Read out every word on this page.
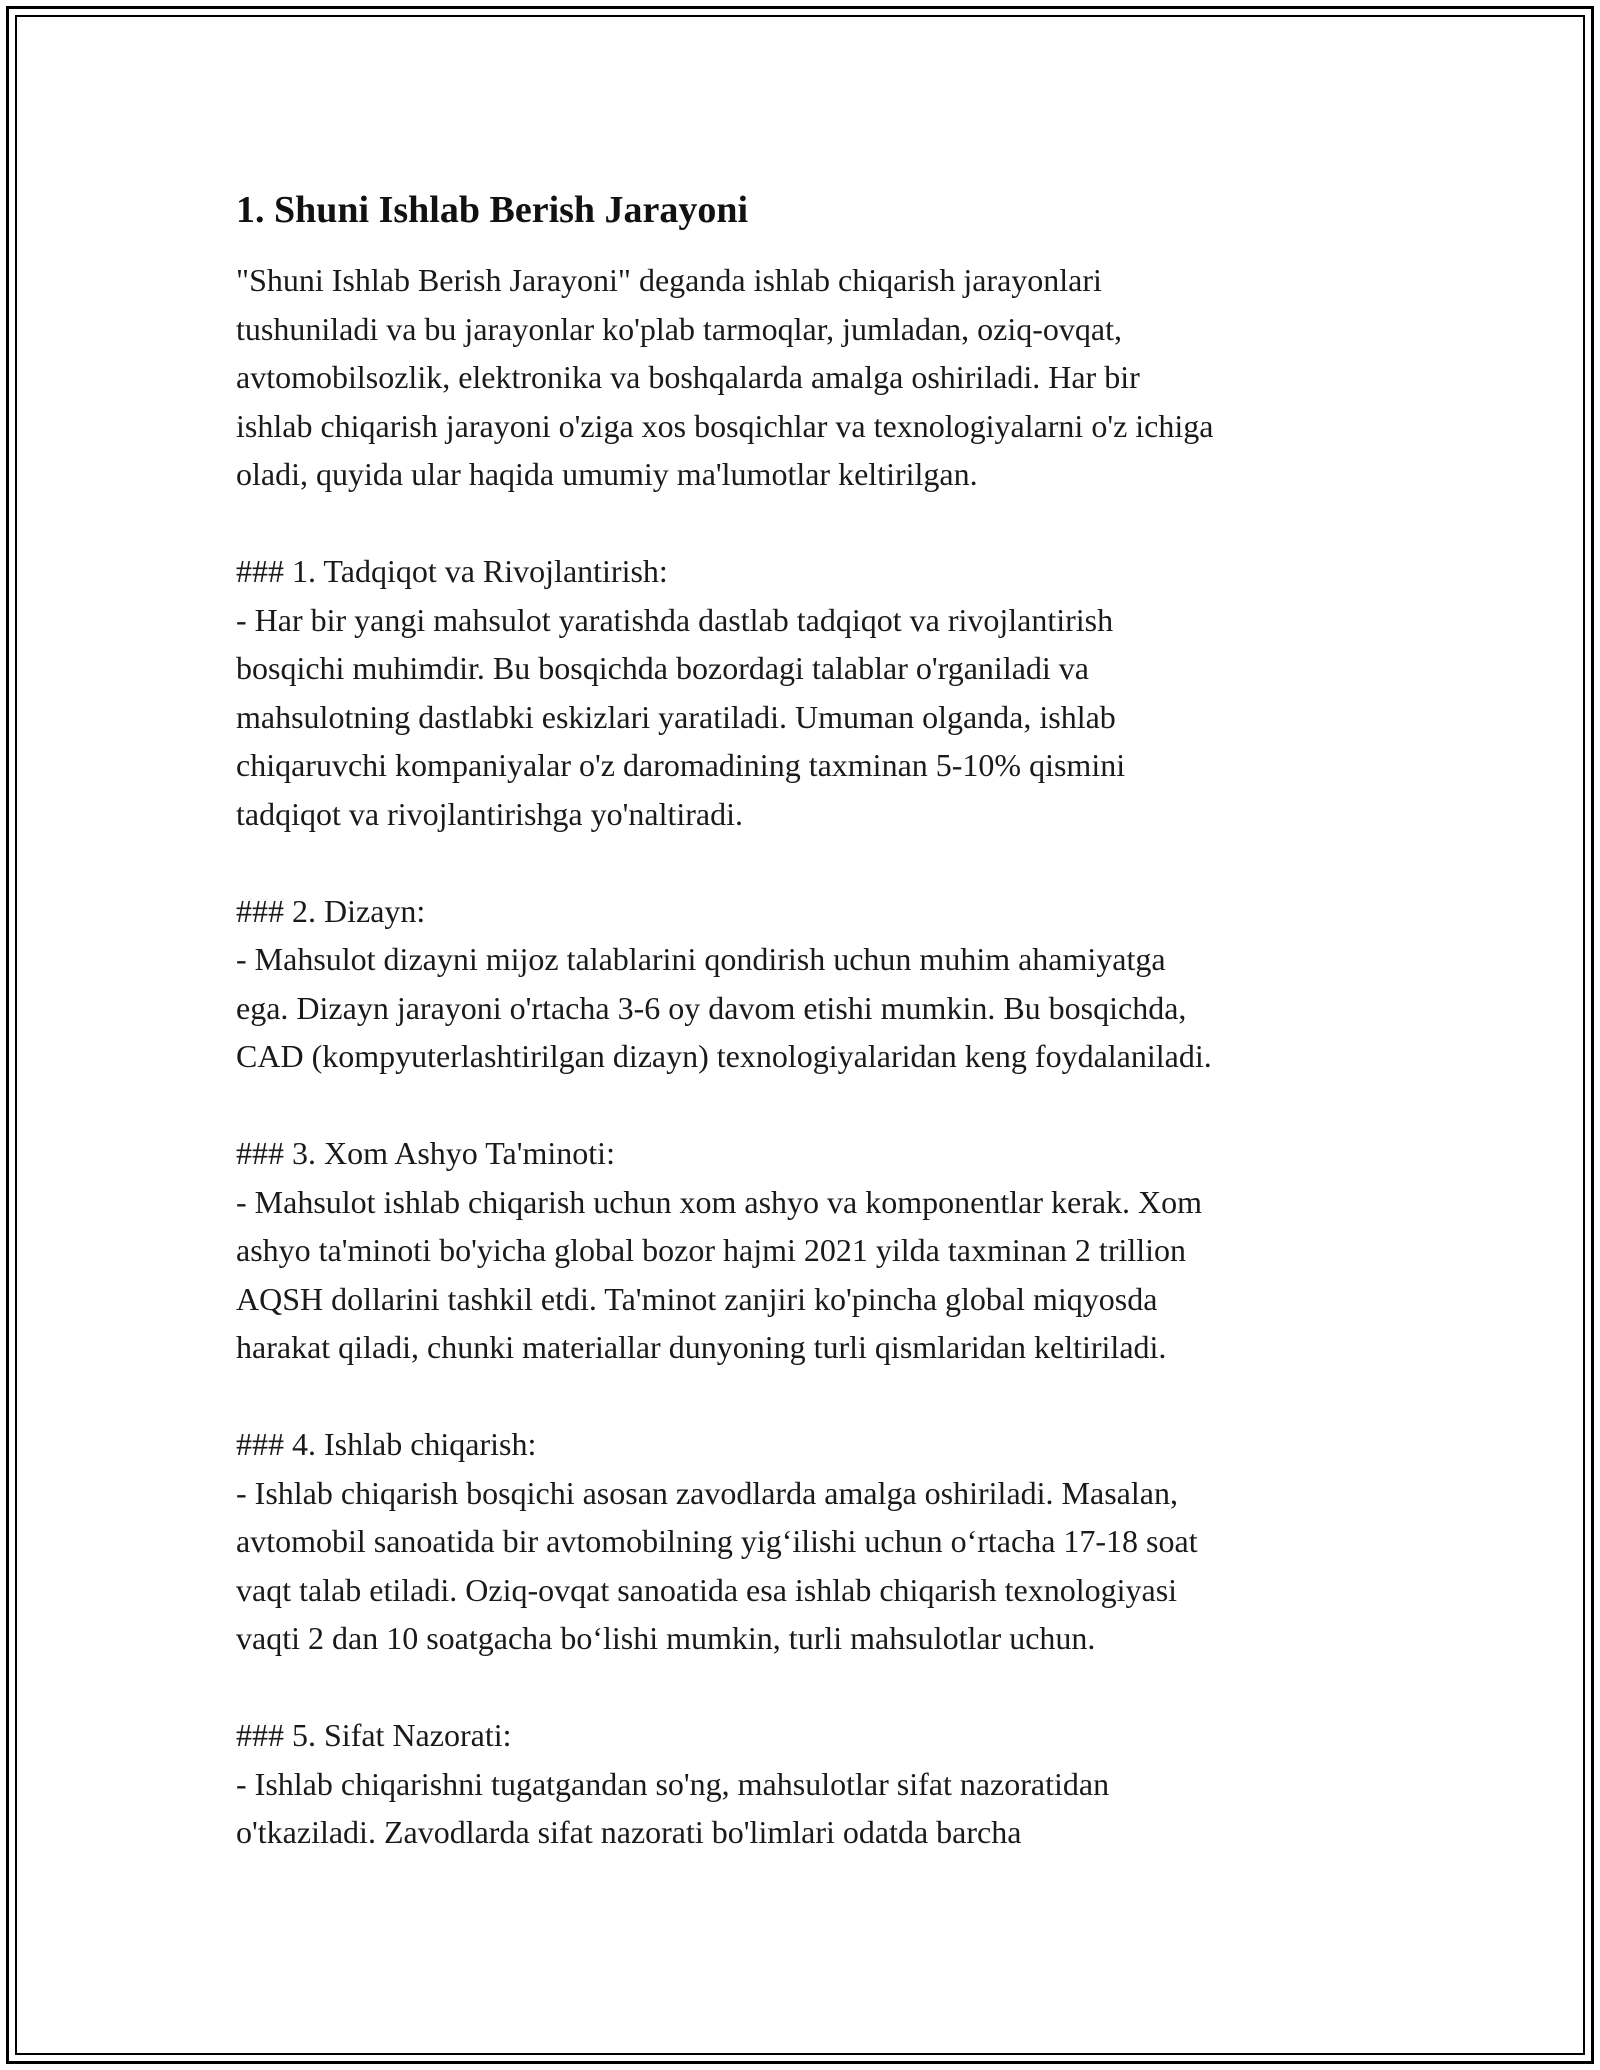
1. Shuni Ishlab Berish Jarayoni

"Shuni Ishlab Berish Jarayoni" deganda ishlab chiqarish jarayonlari
tushuniladi va bu jarayonlar ko'plab tarmoqlar, jumladan, oziq-ovqat,
avtomobilsozlik, elektronika va boshqalarda amalga oshiriladi. Har bir
ishlab chiqarish jarayoni o'ziga xos bosqichlar va texnologiyalarni o'z ichiga
oladi, quyida ular haqida umumiy ma'lumotlar keltirilgan.

### 1. Tadqiqot va Rivojlantirish:

- Har bir yangi mahsulot yaratishda dastlab tadqiqot va rivojlantirish
bosqichi muhimdir. Bu bosqichda bozordagi talablar o'rganiladi va
mahsulotning dastlabki eskizlari yaratiladi. Umuman olganda, ishlab
chiqaruvchi kompaniyalar o'z daromadining taxminan 5-10% qismini
tadqiqot va rivojlantirishga yo'naltiradi.

### 2. Dizayn:

- Mahsulot dizayni mijoz talablarini qondirish uchun muhim ahamiyatga
ega. Dizayn jarayoni o'rtacha 3-6 oy davom etishi mumkin. Bu bosqichda,
CAD (kompyuterlashtirilgan dizayn) texnologiyalaridan keng foydalaniladi.

### 3. Xom Ashyo Ta'minoti:

- Mahsulot ishlab chiqarish uchun xom ashyo va komponentlar kerak. Xom
ashyo ta'minoti bo'yicha global bozor hajmi 2021 yilda taxminan 2 trillion
AQSH dollarini tashkil etdi. Ta'minot zanjiri ko'pincha global miqyosda
harakat qiladi, chunki materiallar dunyoning turli qismlaridan keltiriladi.

### 4. Ishlab chiqarish:

- Ishlab chiqarish bosqichi asosan zavodlarda amalga oshiriladi. Masalan,
avtomobil sanoatida bir avtomobilning yig‘ilishi uchun o‘rtacha 17-18 soat
vaqt talab etiladi. Oziq-ovqat sanoatida esa ishlab chiqarish texnologiyasi
vaqti 2 dan 10 soatgacha bo‘lishi mumkin, turli mahsulotlar uchun.

### 5. Sifat Nazorati:

- Ishlab chiqarishni tugatgandan so'ng, mahsulotlar sifat nazoratidan
o'tkaziladi. Zavodlarda sifat nazorati bo'limlari odatda barcha
